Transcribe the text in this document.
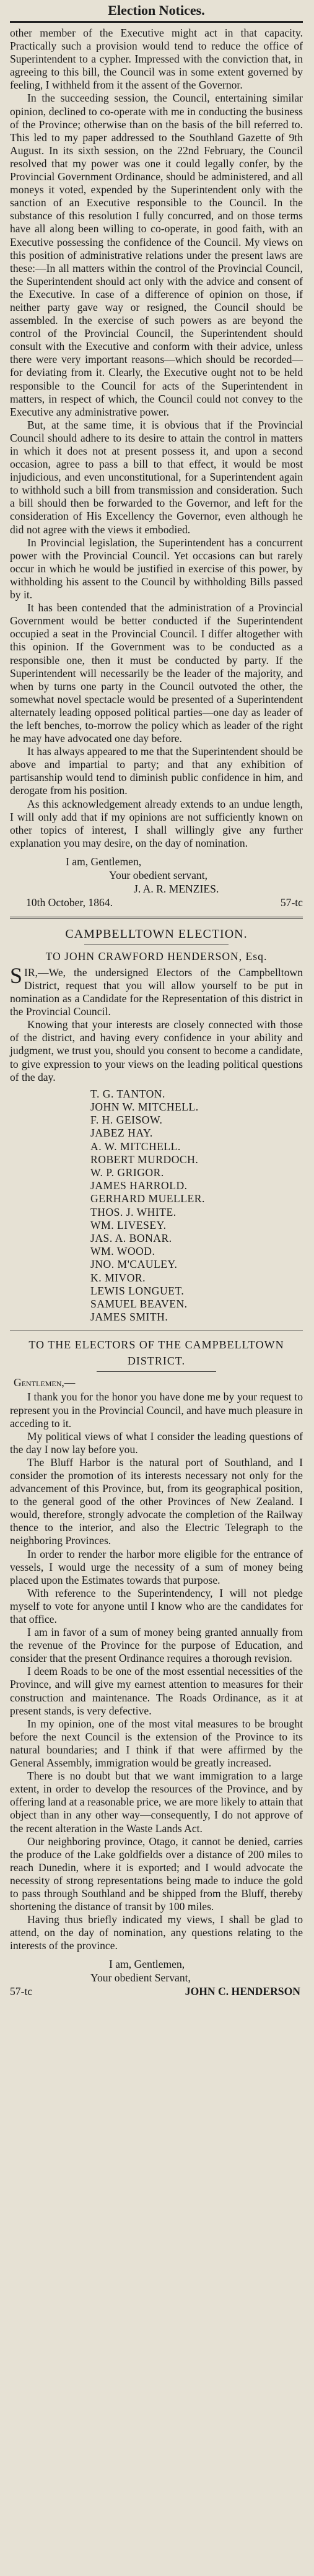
Election Notices.

other member of the Executive might act in that capacity. Practically such a provision would tend to reduce the office of Superintendent to a cypher. Impressed with the conviction that, in agreeing to this bill, the Council was in some extent governed by feeling, I withheld from it the assent of the Governor.

In the succeeding session, the Council, entertaining similar opinion, declined to co-operate with me in conducting the business of the Province; otherwise than on the basis of the bill referred to. This led to my paper addressed to the Southland Gazette of 9th August. In its sixth session, on the 22nd February, the Council resolved that my power was one it could legally confer, by the Provincial Government Ordinance, should be administered, and all moneys it voted, expended by the Superintendent only with the sanction of an Executive responsible to the Council. In the substance of this resolution I fully concurred, and on those terms have all along been willing to co-operate, in good faith, with an Executive possessing the confidence of the Council. My views on this position of administrative relations under the present laws are these:—In all matters within the control of the Provincial Council, the Superintendent should act only with the advice and consent of the Executive. In case of a difference of opinion on those, if neither party gave way or resigned, the Council should be assembled. In the exercise of such powers as are beyond the control of the Provincial Council, the Superintendent should consult with the Executive and conform with their advice, unless there were very important reasons—which should be recorded—for deviating from it. Clearly, the Executive ought not to be held responsible to the Council for acts of the Superintendent in matters, in respect of which, the Council could not convey to the Executive any administrative power.

But, at the same time, it is obvious that if the Provincial Council should adhere to its desire to attain the control in matters in which it does not at present possess it, and upon a second occasion, agree to pass a bill to that effect, it would be most injudicious, and even unconstitutional, for a Superintendent again to withhold such a bill from transmission and consideration. Such a bill should then be forwarded to the Governor, and left for the consideration of His Excellency the Governor, even although he did not agree with the views it embodied.

In Provincial legislation, the Superintendent has a concurrent power with the Provincial Council. Yet occasions can but rarely occur in which he would be justified in exercise of this power, by withholding his assent to the Council by withholding Bills passed by it.

It has been contended that the administration of a Provincial Government would be better conducted if the Superintendent occupied a seat in the Provincial Council. I differ altogether with this opinion. If the Government was to be conducted as a responsible one, then it must be conducted by party. If the Superintendent will necessarily be the leader of the majority, and when by turns one party in the Council outvoted the other, the somewhat novel spectacle would be presented of a Superintendent alternately leading opposed political parties—one day as leader of the left benches, to-morrow the policy which as leader of the right he may have advocated one day before.

It has always appeared to me that the Superintendent should be above and impartial to party; and that any exhibition of partisanship would tend to diminish public confidence in him, and derogate from his position.

As this acknowledgement already extends to an undue length, I will only add that if my opinions are not sufficiently known on other topics of interest, I shall willingly give any further explanation you may desire, on the day of nomination.

I am, Gentlemen,
Your obedient servant,
J. A. R. MENZIES.
10th October, 1864.	57-tc
CAMPBELLTOWN ELECTION.
TO JOHN CRAWFORD HENDERSON, Esq.

SIR,—We, the undersigned Electors of the Campbelltown District, request that you will allow yourself to be put in nomination as a Candidate for the Representation of this district in the Provincial Council.

Knowing that your interests are closely connected with those of the district, and having every confidence in your ability and judgment, we trust you, should you consent to become a candidate, to give expression to your views on the leading political questions of the day.

T. G. TANTON.
JOHN W. MITCHELL.
F. H. GEISOW.
JABEZ HAY.
A. W. MITCHELL.
ROBERT MURDOCH.
W. P. GRIGOR.
JAMES HARROLD.
GERHARD MUELLER.
THOS. J. WHITE.
WM. LIVESEY.
JAS. A. BONAR.
WM. WOOD.
JNO. M'CAULEY.
K. MIVOR.
LEWIS LONGUET.
SAMUEL BEAVEN.
JAMES SMITH.
TO THE ELECTORS OF THE CAMPBELLTOWN DISTRICT.
Gentlemen,—

I thank you for the honor you have done me by your request to represent you in the Provincial Council, and have much pleasure in acceding to it.

My political views of what I consider the leading questions of the day I now lay before you.

The Bluff Harbor is the natural port of Southland, and I consider the promotion of its interests necessary not only for the advancement of this Province, but, from its geographical position, to the general good of the other Provinces of New Zealand. I would, therefore, strongly advocate the completion of the Railway thence to the interior, and also the Electric Telegraph to the neighboring Provinces.

In order to render the harbor more eligible for the entrance of vessels, I would urge the necessity of a sum of money being placed upon the Estimates towards that purpose.

With reference to the Superintendency, I will not pledge myself to vote for anyone until I know who are the candidates for that office.

I am in favor of a sum of money being granted annually from the revenue of the Province for the purpose of Education, and consider that the present Ordinance requires a thorough revision.

I deem Roads to be one of the most essential necessities of the Province, and will give my earnest attention to measures for their construction and maintenance. The Roads Ordinance, as it at present stands, is very defective.

In my opinion, one of the most vital measures to be brought before the next Council is the extension of the Province to its natural boundaries; and I think if that were affirmed by the General Assembly, immigration would be greatly increased.

There is no doubt but that we want immigration to a large extent, in order to develop the resources of the Province, and by offering land at a reasonable price, we are more likely to attain that object than in any other way—consequently, I do not approve of the recent alteration in the Waste Lands Act.

Our neighboring province, Otago, it cannot be denied, carries the produce of the Lake goldfields over a distance of 200 miles to reach Dunedin, where it is exported; and I would advocate the necessity of strong representations being made to induce the gold to pass through Southland and be shipped from the Bluff, thereby shortening the distance of transit by 100 miles.

Having thus briefly indicated my views, I shall be glad to attend, on the day of nomination, any questions relating to the interests of the province.

I am, Gentlemen,
Your obedient Servant,
57-tc	JOHN C. HENDERSON
